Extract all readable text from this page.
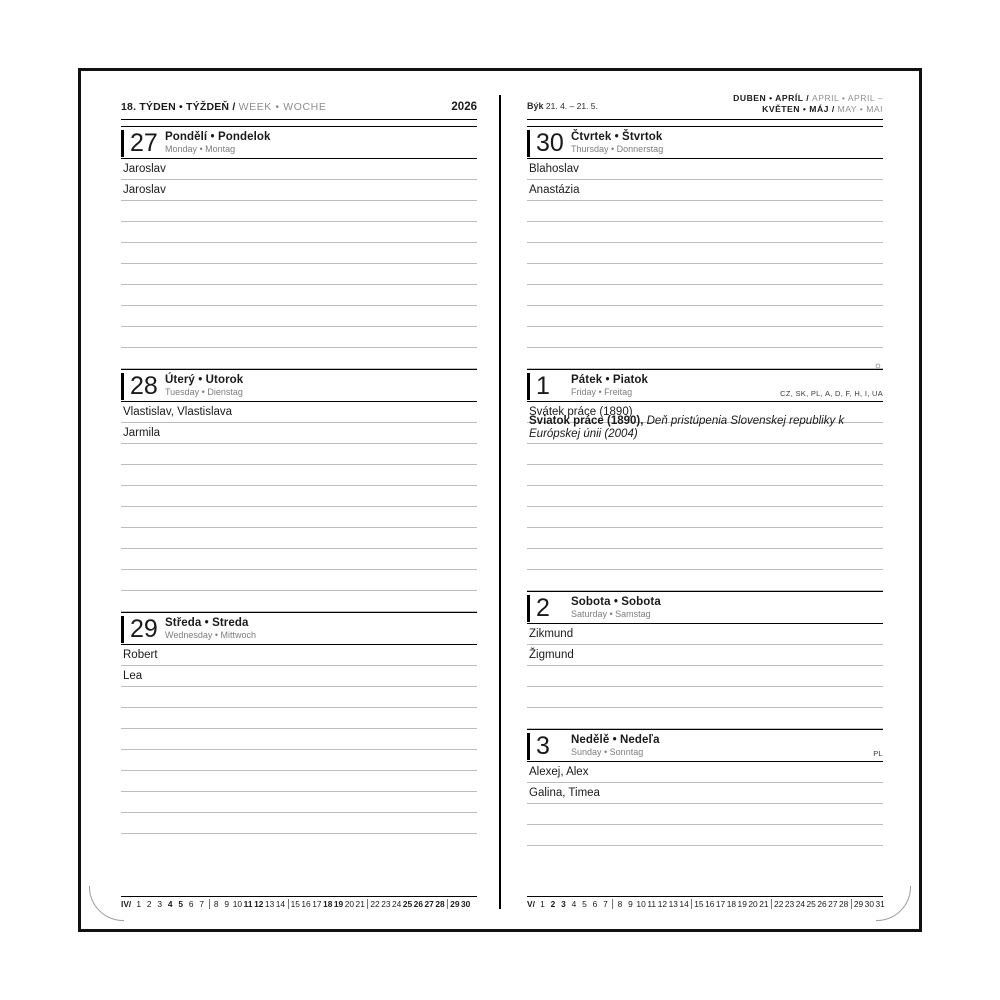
18. TÝDEN • TÝŽDEŇ / WEEK • WOCHE	2026
27 Pondělí • Pondelok
Monday • Montag
Jaroslav
Jaroslav
28 Úterý • Utorok
Tuesday • Dienstag
Vlastislav, Vlastislava
Jarmila
29 Středa • Streda
Wednesday • Mittwoch
Robert
Lea
IV/ 1 2 3 4 5 6 7	8 9 10 11 12 13 14 15 16 17 18 19 20 21 22 23 24 25 26 27 28 29 30
Býk 21. 4. – 21. 5.
DUBEN • APRÍL / APRIL • APRIL –
KVĚTEN • MÁJ / MAY • MAI
30 Čtvrtek • Štvrtok
Thursday • Donnerstag
Blahoslav
Anastázia
1	Pátek • Piatok
Friday • Freitag	CZ, SK, PL, A, D, F, H, I, UA
☼
Svátek práce (1890)
Sviatok práce (1890), Deň pristúpenia Slovenskej republiky k Európskej únii (2004)
2	Sobota • Sobota
Saturday • Samstag
Zikmund
Žigmund
3	Nedělě • Nedeľa
Sunday • Sonntag	PL
Alexej, Alex
Galina, Timea
V/ 1 2 3 4 5 6 7	8 9 10 11 12 13 14 15 16 17 18 19 20 21 22 23 24 25 26 27 28 29 30 31
